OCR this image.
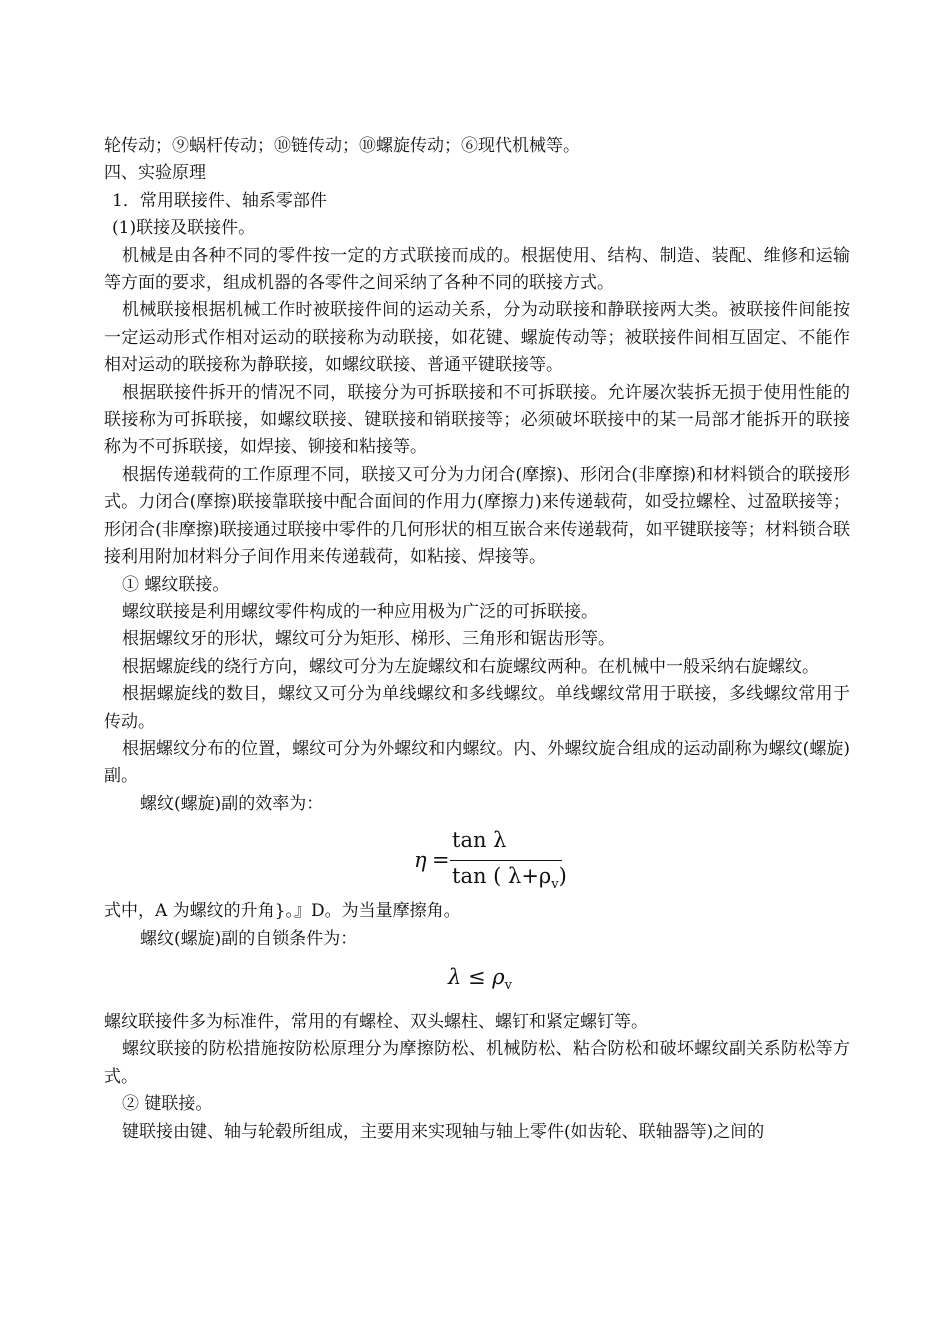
轮传动；⑨蜗杆传动；⑩链传动；⑩螺旋传动；⑥现代机械等。

四、实验原理

1．常用联接件、轴系零部件

(1)联接及联接件。

机械是由各种不同的零件按一定的方式联接而成的。根据使用、结构、制造、装配、维修和运输等方面的要求，组成机器的各零件之间采纳了各种不同的联接方式。

机械联接根据机械工作时被联接件间的运动关系，分为动联接和静联接两大类。被联接件间能按一定运动形式作相对运动的联接称为动联接，如花键、螺旋传动等；被联接件间相互固定、不能作相对运动的联接称为静联接，如螺纹联接、普通平键联接等。

根据联接件拆开的情况不同，联接分为可拆联接和不可拆联接。允许屡次装拆无损于使用性能的联接称为可拆联接，如螺纹联接、键联接和销联接等；必须破坏联接中的某一局部才能拆开的联接称为不可拆联接，如焊接、铆接和粘接等。

根据传递载荷的工作原理不同，联接又可分为力闭合(摩擦)、形闭合(非摩擦)和材料锁合的联接形式。力闭合(摩擦)联接靠联接中配合面间的作用力(摩擦力)来传递载荷，如受拉螺栓、过盈联接等；形闭合(非摩擦)联接通过联接中零件的几何形状的相互嵌合来传递载荷，如平键联接等；材料锁合联接利用附加材料分子间作用来传递载荷，如粘接、焊接等。

① 螺纹联接。

螺纹联接是利用螺纹零件构成的一种应用极为广泛的可拆联接。

根据螺纹牙的形状，螺纹可分为矩形、梯形、三角形和锯齿形等。

根据螺旋线的绕行方向，螺纹可分为左旋螺纹和右旋螺纹两种。在机械中一般采纳右旋螺纹。

根据螺旋线的数目，螺纹又可分为单线螺纹和多线螺纹。单线螺纹常用于联接，多线螺纹常用于传动。

根据螺纹分布的位置，螺纹可分为外螺纹和内螺纹。内、外螺纹旋合组成的运动副称为螺纹(螺旋)副。

螺纹(螺旋)副的效率为：

η =
tan λ
tan ( $\lambda+\rho_v$)

式中，A 为螺纹的升角}。』D。为当量摩擦角。

螺纹(螺旋)副的自锁条件为：

$\lambda \le \rho_v$

螺纹联接件多为标准件，常用的有螺栓、双头螺柱、螺钉和紧定螺钉等。

螺纹联接的防松措施按防松原理分为摩擦防松、机械防松、粘合防松和破坏螺纹副关系防松等方式。

② 键联接。

键联接由键、轴与轮毂所组成，主要用来实现轴与轴上零件(如齿轮、联轴器等)之间的
